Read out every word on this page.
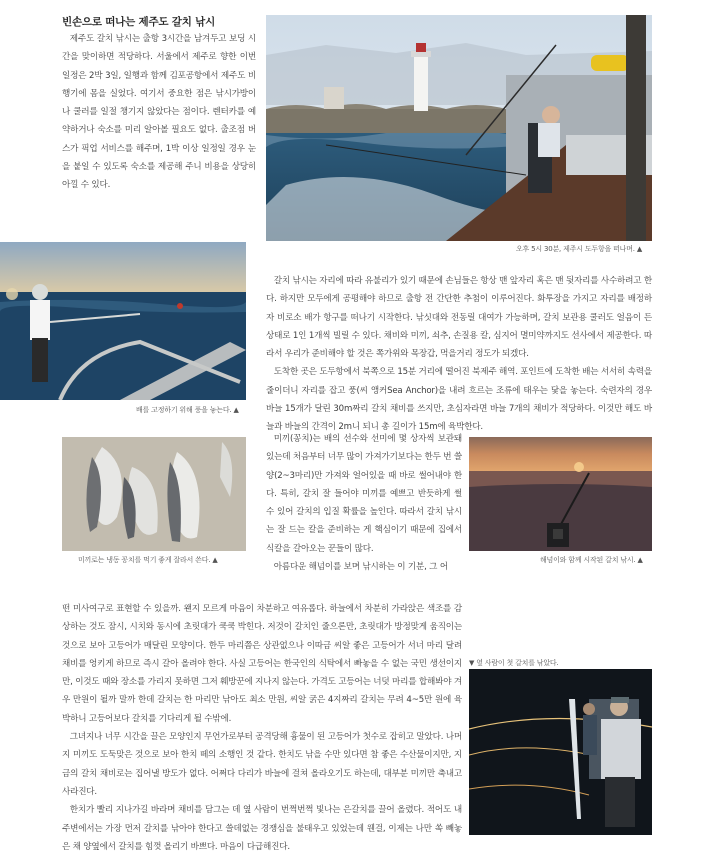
빈손으로 떠나는 제주도 갈치 낚시

제주도 갈치 낚시는 출항 3시간을 남겨두고 보딩 시간을 맞이하면 적당하다. 서울에서 제주로 향한 이번 일정은 2박 3일, 일행과 함께 김포공항에서 제주도 비행기에 몸을 실었다. 여기서 중요한 점은 낚시가방이나 쿨러를 일절 챙기지 않았다는 점이다. 렌터카를 예약하거나 숙소를 미리 알아볼 필요도 없다. 출조점 버스가 픽업 서비스를 해주며, 1박 이상 일정일 경우 눈을 붙일 수 있도록 숙소를 제공해 주니 비용을 상당히 아낄 수 있다.

오후 5시 30분, 제주시 도두항을 떠나며. ▲
배를 고정하기 위해 풍을 놓는다. ▲

갈치 낚시는 자리에 따라 유불리가 있기 때문에 손님들은 항상 맨 앞자리 혹은 맨 뒷자리를 사수하려고 한다. 하지만 모두에게 공평해야 하므로 출항 전 간단한 추첨이 이루어진다. 화투장을 가지고 자리를 배정하자 비로소 배가 항구를 떠나기 시작한다. 낚싯대와 전동릴 대여가 가능하며, 갈치 보관용 쿨러도 얼음이 든 상태로 1인 1개씩 빌릴 수 있다. 채비와 미끼, 쇠추, 손질용 칼, 심지어 멸미약까지도 선사에서 제공한다. 따라서 우리가 준비해야 할 것은 쪽가위와 목장갑, 먹을거리 정도가 되겠다.

도착한 곳은 도두항에서 북쪽으로 15분 거리에 떨어진 북제주 해역. 포인트에 도착한 배는 서서히 속력을 줄이더니 자리를 잡고 풍(씨 앵커Sea Anchor)을 내려 흐르는 조류에 태우는 닻을 놓는다. 숙련자의 경우 바늘 15개가 달린 30m짜리 갈치 채비를 쓰지만, 초심자라면 바늘 7개의 채비가 적당하다. 이것만 해도 바늘과 바늘의 간격이 2m니 되니 총 길이가 15m에 육박한다.

미끼로는 냉동 꽁치를 먹기 좋게 잘라서 쓴다. ▲

미끼(꽁치)는 배의 선수와 선미에 몇 상자씩 보관돼 있는데 처음부터 너무 많이 가져가기보다는 한두 번 쓸 양(2~3마리)만 가져와 얼어있을 때 바로 썰어내야 한다. 특히, 갈치 잘 들어야 미끼를 예쁘고 반듯하게 썰 수 있어 갈치의 입질 확률을 높인다. 따라서 갈치 낚시는 잘 드는 칼을 준비하는 게 핵심이기 때문에 집에서 식칼을 갈아오는 꾼들이 많다.

아름다운 해넘이를 보며 낚시하는 이 기분, 그 어

해넘이와 함께 시작된 갈치 낚시. ▲

떤 미사여구로 표현할 수 있을까. 왠지 모르게 마음이 차분하고 여유롭다. 하늘에서 차분히 가라앉은 색조를 감상하는 것도 잠시, 시치와 동시에 초릿대가 쿡쿡 박힌다. 저것이 갈치인 줄으론만, 초릿대가 방정맞게 움직이는 것으로 보아 고등어가 매달린 모양이다. 한두 마리쯤은 상관없으나 이따금 씨알 좋은 고등어가 서너 마리 달려 채비를 엉키게 하므로 즉시 갈아 올려야 한다. 사실 고등어는 한국인의 식탁에서 빠놓을 수 없는 국민 생선이지만, 이것도 때와 장소를 가리지 못하면 그저 훼방꾼에 지나지 않는다. 가격도 고등어는 너덧 마리를 합해봐야 겨우 만원이 될까 말까 한데 갈치는 한 마리만 낚아도 최소 만원, 씨알 굵은 4지짜리 갈치는 무려 4~5만 원에 육박하니 고등어보다 갈치를 기다리게 될 수밖에.

그녀지나 너무 시간을 끌은 모양인지 무언가로부터 공격당해 흉물이 된 고등어가 첫수로 잡히고 말았다. 나머지 미끼도 도둑맞은 것으로 보아 한치 떼의 소행인 것 같다. 한치도 낚을 수만 있다면 참 좋은 수산물이지만, 지금의 갈치 채비로는 집어낼 방도가 없다. 어쩌다 다리가 바늘에 걸쳐 올라오기도 하는데, 대부분 미끼만 축내고 사라진다.

한치가 빨리 지나가길 바라며 채비를 담그는 데 옆 사람이 번쩍번쩍 빛나는 은갈치를 끌어 올렸다. 적어도 내 주변에서는 가장 먼저 갈치를 낚아야 한다고 쓸데없는 경쟁심을 불태우고 있었는데 웬걸, 이제는 나만 쏙 빼놓은 채 양옆에서 갈치를 힘껏 올리기 바쁘다. 마음이 다급해진다.

▼ 옆 사람이 첫 갈치를 낚았다.
